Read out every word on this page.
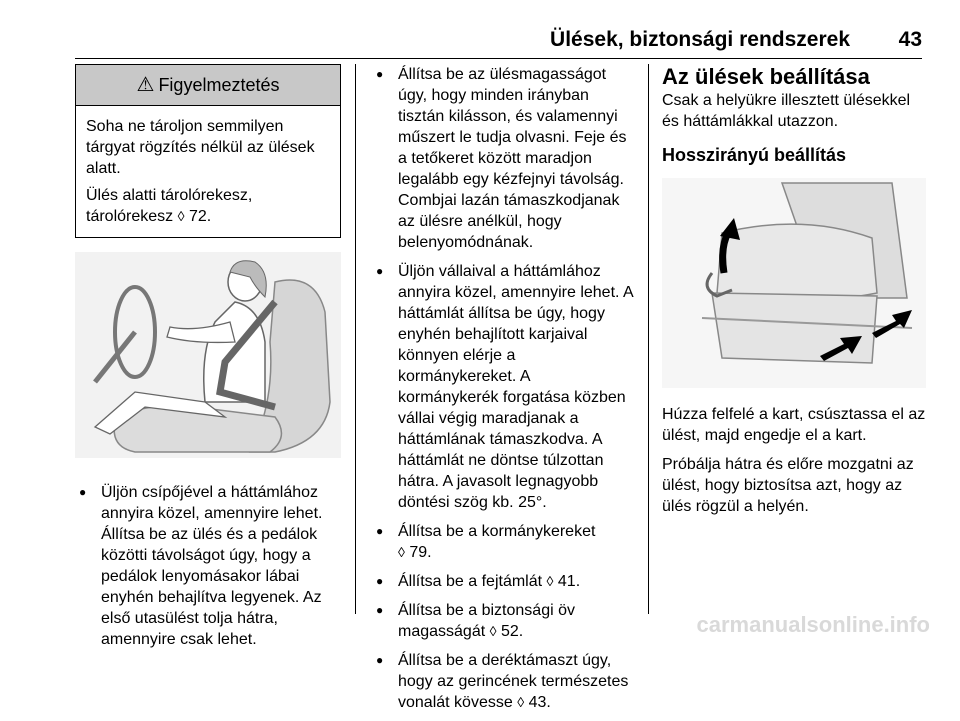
Ülések, biztonsági rendszerek 43
⚠ Figyelmeztetés

Soha ne tároljon semmilyen tárgyat rögzítés nélkül az ülések alatt.

Ülés alatti tárolórekesz, tárolórekesz ◊ 72.

● Üljön csípőjével a háttámlához annyira közel, amennyire lehet. Állítsa be az ülés és a pedálok közötti távolságot úgy, hogy a pedálok lenyomásakor lábai enyhén behajlítva legyenek. Az első utasülést tolja hátra, amennyire csak lehet.
● Állítsa be az ülésmagasságot úgy, hogy minden irányban tisztán kilásson, és valamennyi műszert le tudja olvasni. Feje és a tetőkeret között maradjon legalább egy kézfejnyi távolság. Combjai lazán támaszkodjanak az ülésre anélkül, hogy belenyomódnának.
● Üljön vállaival a háttámlához annyira közel, amennyire lehet. A háttámlát állítsa be úgy, hogy enyhén behajlított karjaival könnyen elérje a kormánykereket. A kormánykerék forgatása közben vállai végig maradjanak a háttámlának támaszkodva. A háttámlát ne döntse túlzottan hátra. A javasolt legnagyobb döntési szög kb. 25°.
● Állítsa be a kormánykereket
◊ 79.
● Állítsa be a fejtámlát ◊ 41.
● Állítsa be a biztonsági öv magasságát ◊ 52.
● Állítsa be a deréktámaszt úgy, hogy az gerincének természetes vonalát kövesse ◊ 43.
Az ülések beállítása

Csak a helyükre illesztett ülésekkel és háttámlákkal utazzon.

Hosszirányú beállítás

Húzza felfelé a kart, csúsztassa el az ülést, majd engedje el a kart.

Próbálja hátra és előre mozgatni az ülést, hogy biztosítsa azt, hogy az ülés rögzül a helyén.

carmanualsonline.info
